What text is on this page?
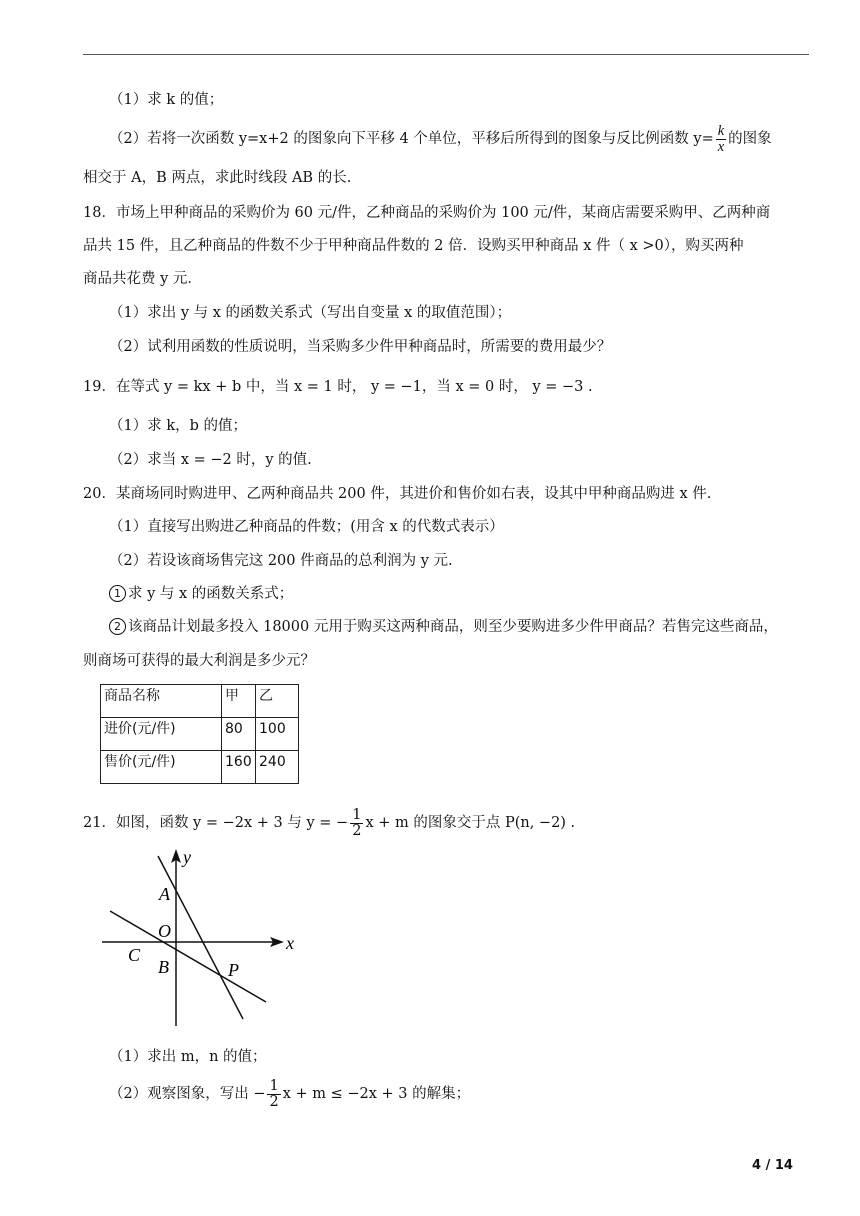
（1）求 k 的值；
（2）若将一次函数 y=x+2 的图象向下平移 4 个单位，平移后所得到的图象与反比例函数 $y= \frac{k}{x}$ 的图象
相交于 A，B 两点，求此时线段 AB 的长.
18．市场上甲种商品的采购价为 60 元/件，乙种商品的采购价为 100 元/件，某商店需要采购甲、乙两种商
品共 15 件，且乙种商品的件数不少于甲种商品件数的 2 倍．设购买甲种商品 x 件（ x >0），购买两种
商品共花费 y 元．
（1）求出 y 与 x 的函数关系式（写出自变量 x 的取值范围）；
（2）试利用函数的性质说明，当采购多少件甲种商品时，所需要的费用最少？
19．在等式 y = kx + b 中，当 x = 1 时， y = −1，当 x = 0 时， y = −3 .
（1）求 k，b 的值；
（2）求当 x = −2 时，y 的值.
20．某商场同时购进甲、乙两种商品共 200 件，其进价和售价如右表，设其中甲种商品购进 x 件.
（1）直接写出购进乙种商品的件数；(用含 x 的代数式表示）
（2）若设该商场售完这 200 件商品的总利润为 y 元.
1 求 y 与 x 的函数关系式；
2 该商品计划最多投入 18000 元用于购买这两种商品，则至少要购进多少件甲商品？若售完这些商品，
则商场可获得的最大利润是多少元？
商品名称	甲	乙
进价(元/件)	80	100
售价(元/件)	160	240
21．如图，函数 y = −2x + 3 与 y = − $\frac{1}{2}$ x + m 的图象交于点 P(n, −2) .
y
x
O
A
B
C
P
（1）求出 m，n 的值；
（2）观察图象，写出 − $\frac{1}{2}$ x + m ≤ −2x + 3 的解集；
4 / 14
